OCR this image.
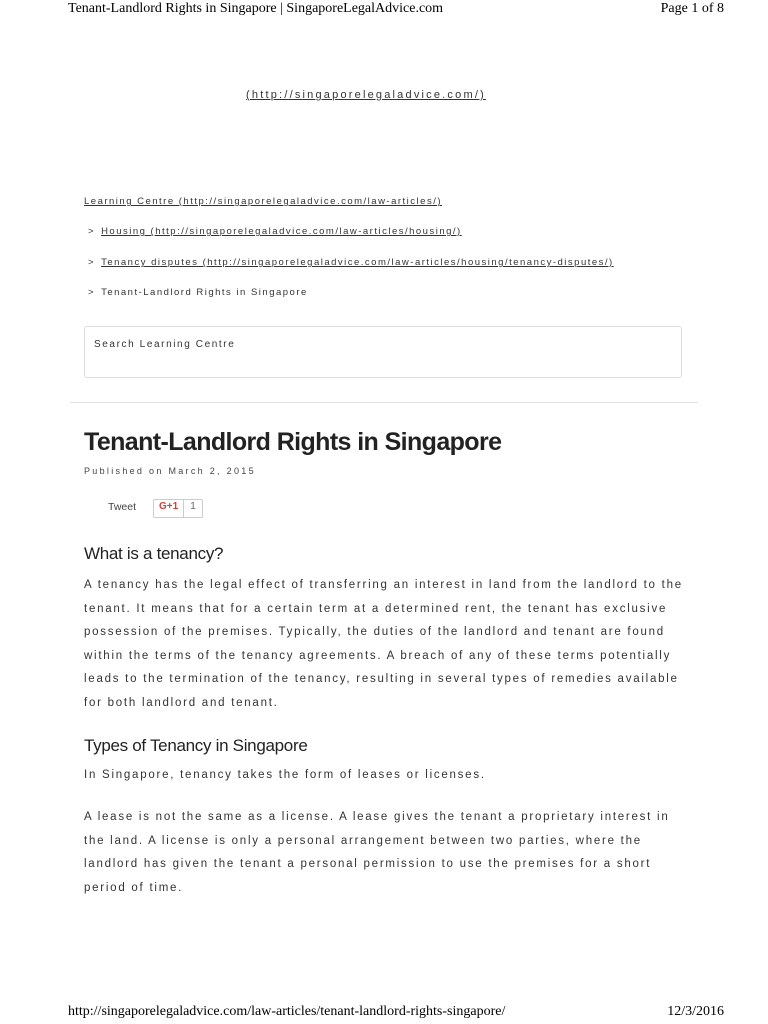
Tenant-Landlord Rights in Singapore | SingaporeLegalAdvice.com	Page 1 of 8
(http://singaporelegaladvice.com/)
Learning Centre (http://singaporelegaladvice.com/law-articles/)
> Housing (http://singaporelegaladvice.com/law-articles/housing/)
> Tenancy disputes (http://singaporelegaladvice.com/law-articles/housing/tenancy-disputes/)
> Tenant-Landlord Rights in Singapore
Search Learning Centre
Tenant-Landlord Rights in Singapore
Published on March 2, 2015
Tweet	G+1	1
What is a tenancy?

A tenancy has the legal effect of transferring an interest in land from the landlord to the tenant. It means that for a certain term at a determined rent, the tenant has exclusive possession of the premises. Typically, the duties of the landlord and tenant are found within the terms of the tenancy agreements. A breach of any of these terms potentially leads to the termination of the tenancy, resulting in several types of remedies available for both landlord and tenant.

Types of Tenancy in Singapore

In Singapore, tenancy takes the form of leases or licenses.

A lease is not the same as a license. A lease gives the tenant a proprietary interest in the land. A license is only a personal arrangement between two parties, where the landlord has given the tenant a personal permission to use the premises for a short period of time.

http://singaporelegaladvice.com/law-articles/tenant-landlord-rights-singapore/	12/3/2016
